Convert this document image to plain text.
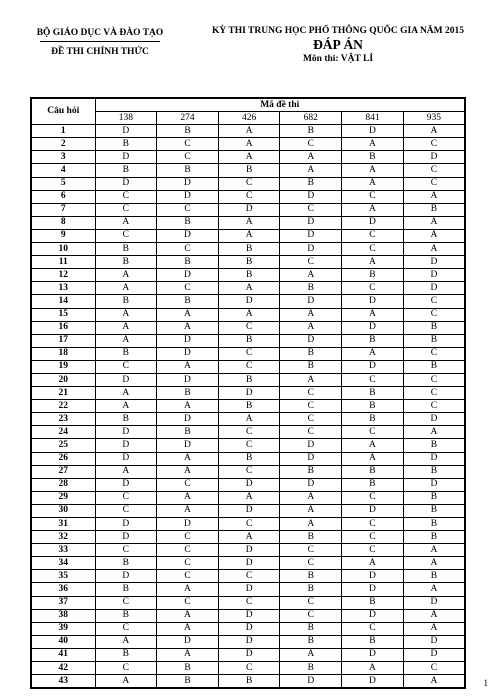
BỘ GIÁO DỤC VÀ ĐÀO TẠO
ĐỀ THI CHÍNH THỨC
KỲ THI TRUNG HỌC PHỔ THÔNG QUỐC GIA NĂM 2015
ĐÁP ÁN
Môn thi: VẬT LÍ
Câu hỏi	Mã đề thi					
	138	274	426	682	841	935
1	D	B	A	B	D	A
2	B	C	A	C	A	C
3	D	C	A	A	B	D
4	B	B	B	A	A	C
5	D	D	C	B	A	C
6	C	D	C	D	C	A
7	C	C	D	C	A	B
8	A	B	A	D	D	A
9	C	D	A	D	C	A
10	B	C	B	D	C	A
11	B	B	B	C	A	D
12	A	D	B	A	B	D
13	A	C	A	B	C	D
14	B	B	D	D	D	C
15	A	A	A	A	A	C
16	A	A	C	A	D	B
17	A	D	B	D	B	B
18	B	D	C	B	A	C
19	C	A	C	B	D	B
20	D	D	B	A	C	C
21	A	B	D	C	B	C
22	A	A	B	C	B	C
23	B	D	A	C	B	D
24	D	B	C	C	C	A
25	D	D	C	D	A	B
26	D	A	B	D	A	D
27	A	A	C	B	B	B
28	D	C	D	D	B	D
29	C	A	A	A	C	B
30	C	A	D	A	D	B
31	D	D	C	A	C	B
32	D	C	A	B	C	B
33	C	C	D	C	C	A
34	B	C	D	C	A	A
35	D	C	C	B	D	B
36	B	A	D	B	D	A
37	C	C	C	C	B	D
38	B	A	D	C	D	A
39	C	A	D	B	C	A
40	A	D	D	B	B	D
41	B	A	D	A	D	D
42	C	B	C	B	A	C
43	A	B	B	D	D	A	1
